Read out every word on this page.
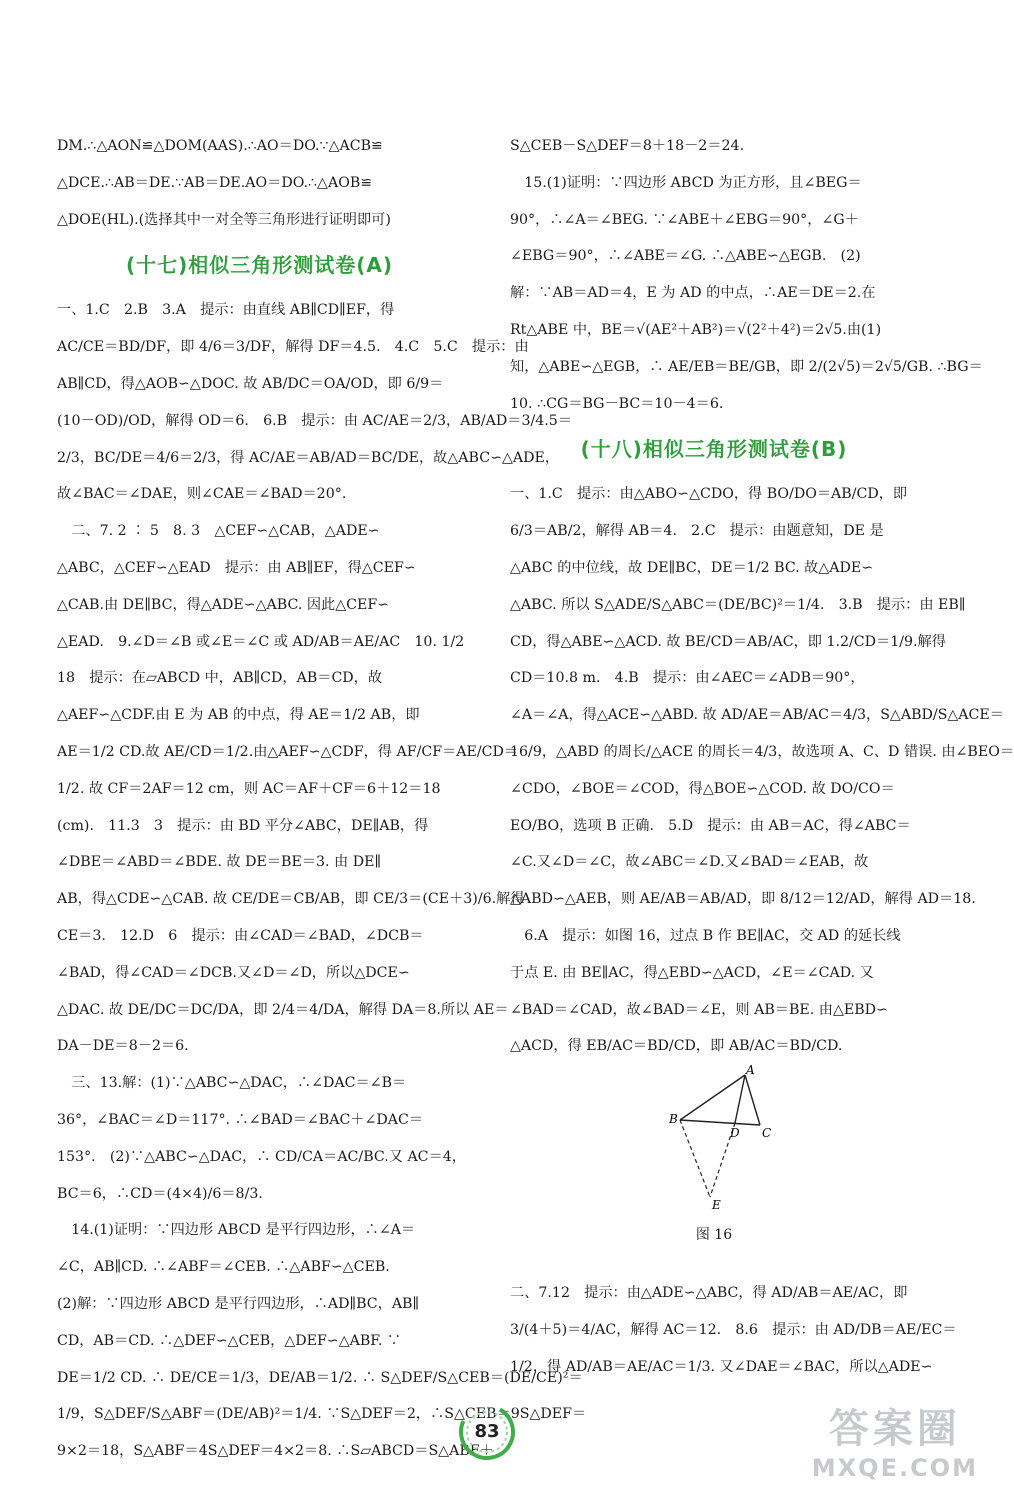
DM.∴△AON≌△DOM(AAS).∴AO＝DO.∵△ACB≌
△DCE.∴AB＝DE.∵AB＝DE.AO＝DO.∴△AOB≌
△DOE(HL).(选择其中一对全等三角形进行证明即可)
(十七)相似三角形测试卷(A)
一、1.C　2.B　3.A　提示：由直线 AB∥CD∥EF，得
AC/CE＝BD/DF，即 4/6＝3/DF，解得 DF＝4.5.　4.C　5.C　提示：由
AB∥CD，得△AOB∽△DOC. 故 AB/DC＝OA/OD，即 6/9＝
(10－OD)/OD，解得 OD＝6.　6.B　提示：由 AC/AE＝2/3，AB/AD＝3/4.5＝
2/3，BC/DE＝4/6＝2/3，得 AC/AE＝AB/AD＝BC/DE，故△ABC∽△ADE，
故∠BAC＝∠DAE，则∠CAE＝∠BAD＝20°.
　二、7. 2 ∶ 5　8. 3　△CEF∽△CAB，△ADE∽
△ABC，△CEF∽△EAD　提示：由 AB∥EF，得△CEF∽
△CAB.由 DE∥BC，得△ADE∽△ABC. 因此△CEF∽
△EAD.　9.∠D＝∠B 或∠E＝∠C 或 AD/AB＝AE/AC　10. 1/2
18　提示：在▱ABCD 中，AB∥CD，AB＝CD，故
△AEF∽△CDF.由 E 为 AB 的中点，得 AE＝1/2 AB，即
AE＝1/2 CD.故 AE/CD＝1/2.由△AEF∽△CDF，得 AF/CF＝AE/CD＝
1/2. 故 CF＝2AF＝12 cm，则 AC＝AF＋CF＝6＋12＝18
(cm).　11.3　3　提示：由 BD 平分∠ABC，DE∥AB，得
∠DBE＝∠ABD＝∠BDE. 故 DE＝BE＝3. 由 DE∥
AB，得△CDE∽△CAB. 故 CE/DE＝CB/AB，即 CE/3＝(CE＋3)/6.解得
CE＝3.　12.D　6　提示：由∠CAD＝∠BAD，∠DCB＝
∠BAD，得∠CAD＝∠DCB.又∠D＝∠D，所以△DCE∽
△DAC. 故 DE/DC＝DC/DA，即 2/4＝4/DA，解得 DA＝8.所以 AE＝
DA－DE＝8－2＝6.
　三、13.解：(1)∵△ABC∽△DAC，∴∠DAC＝∠B＝
36°，∠BAC＝∠D＝117°. ∴∠BAD＝∠BAC＋∠DAC＝
153°.　(2)∵△ABC∽△DAC，∴ CD/CA＝AC/BC.又 AC＝4，
BC＝6，∴CD＝(4×4)/6＝8/3.
　14.(1)证明：∵四边形 ABCD 是平行四边形，∴∠A＝
∠C，AB∥CD. ∴∠ABF＝∠CEB. ∴△ABF∽△CEB.
(2)解：∵四边形 ABCD 是平行四边形，∴AD∥BC，AB∥
CD，AB＝CD. ∴△DEF∽△CEB，△DEF∽△ABF. ∵
DE＝1/2 CD. ∴ DE/CE＝1/3，DE/AB＝1/2. ∴ S△DEF/S△CEB＝(DE/CE)²＝
1/9，S△DEF/S△ABF＝(DE/AB)²＝1/4. ∵S△DEF＝2，∴S△CEB＝9S△DEF＝
9×2＝18，S△ABF＝4S△DEF＝4×2＝8. ∴S▱ABCD＝S△ABF＋
S△CEB－S△DEF＝8＋18－2＝24.
　15.(1)证明：∵四边形 ABCD 为正方形，且∠BEG＝
90°，∴∠A＝∠BEG. ∵∠ABE＋∠EBG＝90°，∠G＋
∠EBG＝90°，∴∠ABE＝∠G. ∴△ABE∽△EGB.　(2)
解：∵AB＝AD＝4，E 为 AD 的中点，∴AE＝DE＝2.在
Rt△ABE 中，BE＝√(AE²＋AB²)＝√(2²＋4²)＝2√5.由(1)
知，△ABE∽△EGB，∴ AE/EB＝BE/GB，即 2/(2√5)＝2√5/GB. ∴BG＝
10. ∴CG＝BG－BC＝10－4＝6.
(十八)相似三角形测试卷(B)
一、1.C　提示：由△ABO∽△CDO，得 BO/DO＝AB/CD，即
6/3＝AB/2，解得 AB＝4.　2.C　提示：由题意知，DE 是
△ABC 的中位线，故 DE∥BC，DE＝1/2 BC. 故△ADE∽
△ABC. 所以 S△ADE/S△ABC＝(DE/BC)²＝1/4.　3.B　提示：由 EB∥
CD，得△ABE∽△ACD. 故 BE/CD＝AB/AC，即 1.2/CD＝1/9.解得
CD＝10.8 m.　4.B　提示：由∠AEC＝∠ADB＝90°，
∠A＝∠A，得△ACE∽△ABD. 故 AD/AE＝AB/AC＝4/3，S△ABD/S△ACE＝
16/9，△ABD 的周长/△ACE 的周长＝4/3，故选项 A、C、D 错误. 由∠BEO＝
∠CDO，∠BOE＝∠COD，得△BOE∽△COD. 故 DO/CO＝
EO/BO，选项 B 正确.　5.D　提示：由 AB＝AC，得∠ABC＝
∠C.又∠D＝∠C，故∠ABC＝∠D.又∠BAD＝∠EAB，故
△ABD∽△AEB，则 AE/AB＝AB/AD，即 8/12＝12/AD，解得 AD＝18.
　6.A　提示：如图 16，过点 B 作 BE∥AC，交 AD 的延长线
于点 E. 由 BE∥AC，得△EBD∽△ACD，∠E＝∠CAD. 又
∠BAD＝∠CAD，故∠BAD＝∠E，则 AB＝BE. 由△EBD∽
△ACD，得 EB/AC＝BD/CD，即 AB/AC＝BD/CD.
A
B
D C
E
图 16
二、7.12　提示：由△ADE∽△ABC，得 AD/AB＝AE/AC，即
3/(4＋5)＝4/AC，解得 AC＝12.　8.6　提示：由 AD/DB＝AE/EC＝
1/2，得 AD/AB＝AE/AC＝1/3. 又∠DAE＝∠BAC，所以△ADE∽
83	答案圈
MXQE.COM
